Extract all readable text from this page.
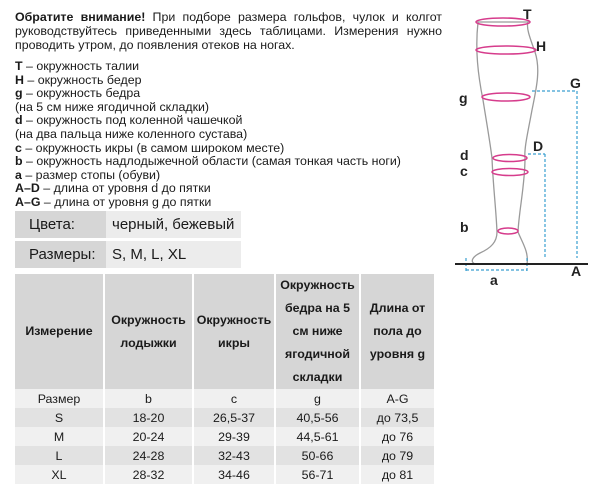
Обратите внимание! При подборе размера гольфов, чулок и колгот руководствуйтесь приведенными здесь таблицами. Измерения нужно проводить утром, до появления отеков на ногах.
T – окружность талии
H – окружность бедер
g – окружность бедра
(на 5 см ниже ягодичной складки)
d – окружность под коленной чашечкой
(на два пальца ниже коленного сустава)
c – окружность икры (в самом широком месте)
b – окружность надлодыжечной области (самая тонкая часть ноги)
a – размер стопы (обуви)
A–D – длина от уровня d до пятки
A–G – длина от уровня g до пятки
Цвета:	черный, бежевый
Размеры:	S, M, L, XL
Измерение	Окружность лодыжки	Окружность икры	Окружность бедра на 5 см ниже ягодичной складки	Длина от пола до уровня g
Размер	b	c	g	A-G
S	18-20	26,5-37	40,5-56	до 73,5
M	20-24	29-39	44,5-61	до 76
L	24-28	32-43	50-66	до 79
XL	28-32	34-46	56-71	до 81
T
H
G
g
d
D
c
b
A
a
